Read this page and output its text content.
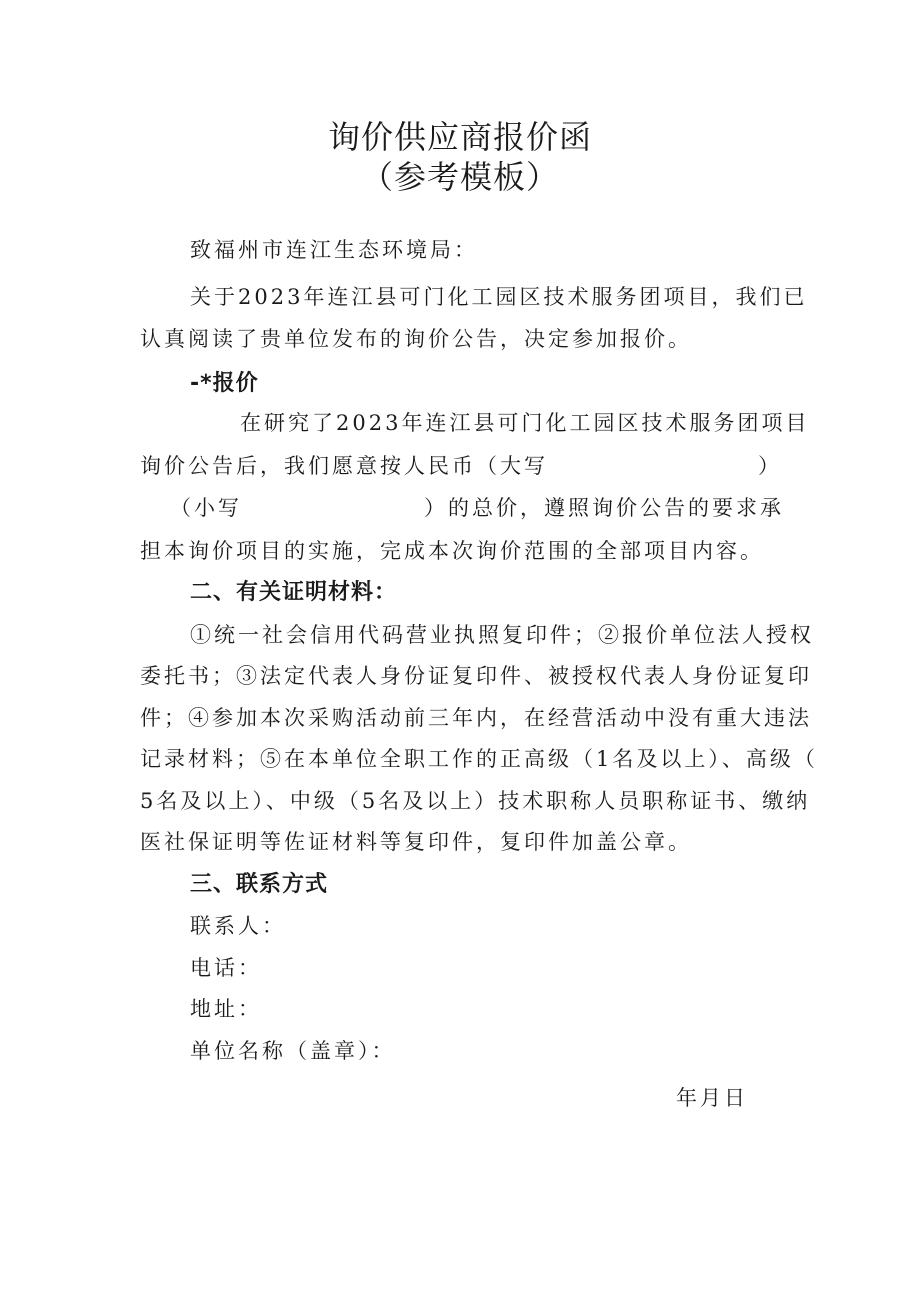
询价供应商报价函
（参考模板）
致福州市连江生态环境局：
关于2023年连江县可门化工园区技术服务团项目，我们已
认真阅读了贵单位发布的询价公告，决定参加报价。
-*报价
在研究了2023年连江县可门化工园区技术服务团项目
询价公告后，我们愿意按人民币（大写	）
（小写	）的总价，遵照询价公告的要求承
担本询价项目的实施，完成本次询价范围的全部项目内容。
二、有关证明材料：
①统一社会信用代码营业执照复印件；②报价单位法人授权
委托书；③法定代表人身份证复印件、被授权代表人身份证复印
件；④参加本次采购活动前三年内，在经营活动中没有重大违法
记录材料；⑤在本单位全职工作的正高级（1名及以上）、高级（
5名及以上）、中级（5名及以上）技术职称人员职称证书、缴纳
医社保证明等佐证材料等复印件，复印件加盖公章。
三、联系方式
联系人：
电话：
地址：
单位名称（盖章）：
年月日
